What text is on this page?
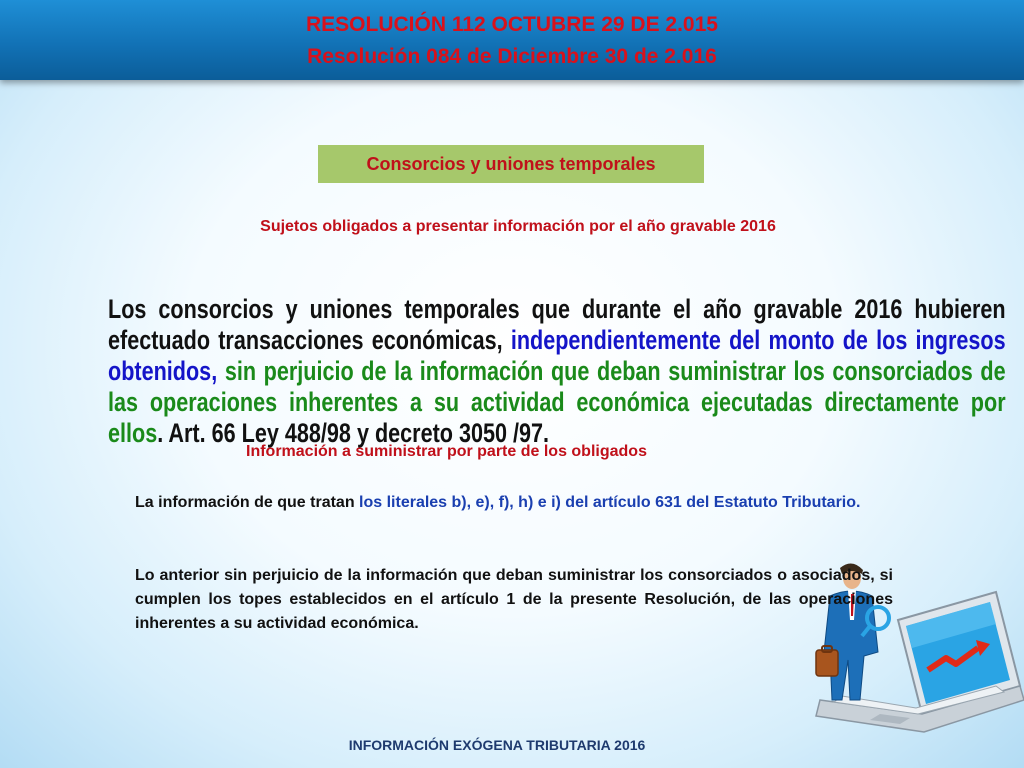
RESOLUCIÓN 112 OCTUBRE 29 DE 2.015
Resolución 084 de Diciembre 30 de 2.016
Consorcios y uniones temporales
Sujetos obligados a presentar información por el año gravable 2016
Los consorcios y uniones temporales que durante el año gravable 2016 hubieren efectuado transacciones económicas, independientemente del monto de los ingresos obtenidos, sin perjuicio de la información que deban suministrar los consorciados de las operaciones inherentes a su actividad económica ejecutadas directamente por ellos. Art. 66 Ley 488/98 y decreto 3050 /97.
Información a suministrar por parte de los obligados
La información de que tratan los literales b), e), f), h) e i) del artículo 631 del Estatuto Tributario.
Lo anterior sin perjuicio de la información que deban suministrar los consorciados o asociados, si cumplen los topes establecidos en el artículo 1 de la presente Resolución, de las operaciones inherentes a su actividad económica.
INFORMACIÓN EXÓGENA TRIBUTARIA 2016
